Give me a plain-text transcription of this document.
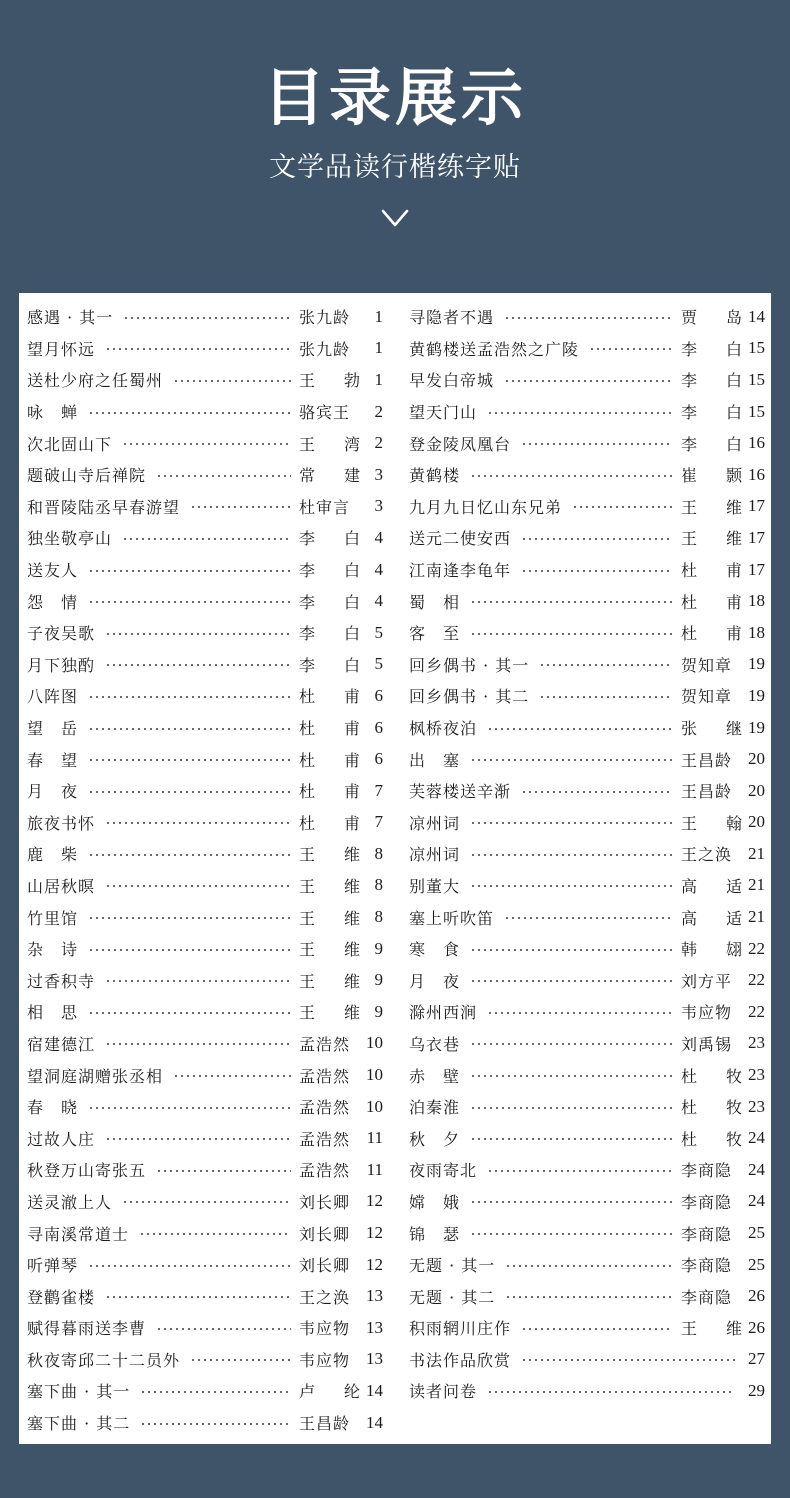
目录展示
文学品读行楷练字贴
感遇 · 其一	张九龄	1
望月怀远	张九龄	1
送杜少府之任蜀州	王 勃 1
咏　蝉	骆宾王	2
次北固山下	王 湾 2
题破山寺后禅院	常 建 3
和晋陵陆丞早春游望	杜审言	3
独坐敬亭山	李 白 4
送友人	李 白 4
怨　情	李 白 4
子夜吴歌	李 白 5
月下独酌	李 白 5
八阵图	杜 甫 6
望　岳	杜 甫 6
春　望	杜 甫 6
月　夜	杜 甫 7
旅夜书怀	杜 甫 7
鹿　柴	王 维 8
山居秋暝	王 维 8
竹里馆	王 维 8
杂　诗	王 维 9
过香积寺	王 维 9
相　思	王 维 9
宿建德江	孟浩然 10
望洞庭湖赠张丞相	孟浩然 10
春　晓	孟浩然 10
过故人庄	孟浩然 11
秋登万山寄张五	孟浩然 11
送灵澈上人	刘长卿 12
寻南溪常道士	刘长卿 12
听弹琴	刘长卿 12
登鹳雀楼	王之涣 13
赋得暮雨送李曹	韦应物 13
秋夜寄邱二十二员外	韦应物 13
塞下曲 · 其一	卢 纶 14
塞下曲 · 其二	王昌龄 14
寻隐者不遇	贾 岛 14
黄鹤楼送孟浩然之广陵	李 白 15
早发白帝城	李 白 15
望天门山	李 白 15
登金陵凤凰台	李 白 16
黄鹤楼	崔 颢 16
九月九日忆山东兄弟	王 维 17
送元二使安西	王 维 17
江南逢李龟年	杜 甫 17
蜀　相	杜 甫 18
客　至	杜 甫 18
回乡偶书 · 其一	贺知章 19
回乡偶书 · 其二	贺知章 19
枫桥夜泊	张 继 19
出　塞	王昌龄 20
芙蓉楼送辛渐	王昌龄 20
凉州词	王 翰 20
凉州词	王之涣 21
别董大	高 适 21
塞上听吹笛	高 适 21
寒　食	韩 翃 22
月　夜	刘方平 22
滁州西涧	韦应物 22
乌衣巷	刘禹锡 23
赤　壁	杜 牧 23
泊秦淮	杜 牧 23
秋　夕	杜 牧 24
夜雨寄北	李商隐 24
嫦　娥	李商隐 24
锦　瑟	李商隐 25
无题 · 其一	李商隐 25
无题 · 其二	李商隐 26
积雨辋川庄作	王 维 26
书法作品欣赏	27
读者问卷	29
